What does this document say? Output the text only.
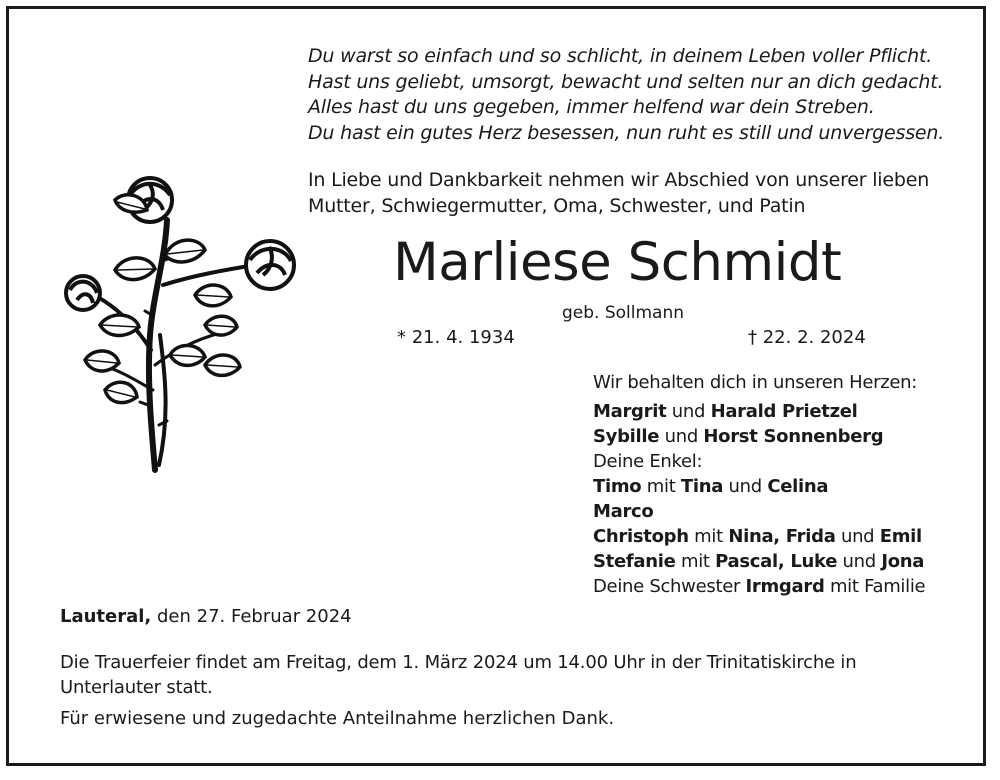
Du warst so einfach und so schlicht, in deinem Leben voller Pflicht.
Hast uns geliebt, umsorgt, bewacht und selten nur an dich gedacht.
Alles hast du uns gegeben, immer helfend war dein Streben.
Du hast ein gutes Herz besessen, nun ruht es still und unvergessen.
In Liebe und Dankbarkeit nehmen wir Abschied von unserer lieben
Mutter, Schwiegermutter, Oma, Schwester, und Patin
Marliese Schmidt
geb. Sollmann
* 21. 4. 1934	† 22. 2. 2024
Wir behalten dich in unseren Herzen:
Margrit und Harald Prietzel
Sybille und Horst Sonnenberg
Deine Enkel:
Timo mit Tina und Celina
Marco
Christoph mit Nina, Frida und Emil
Stefanie mit Pascal, Luke und Jona
Deine Schwester Irmgard mit Familie
Lauteral, den 27. Februar 2024
Die Trauerfeier findet am Freitag, dem 1. März 2024 um 14.00 Uhr in der Trinitatiskirche in
Unterlauter statt.
Für erwiesene und zugedachte Anteilnahme herzlichen Dank.
